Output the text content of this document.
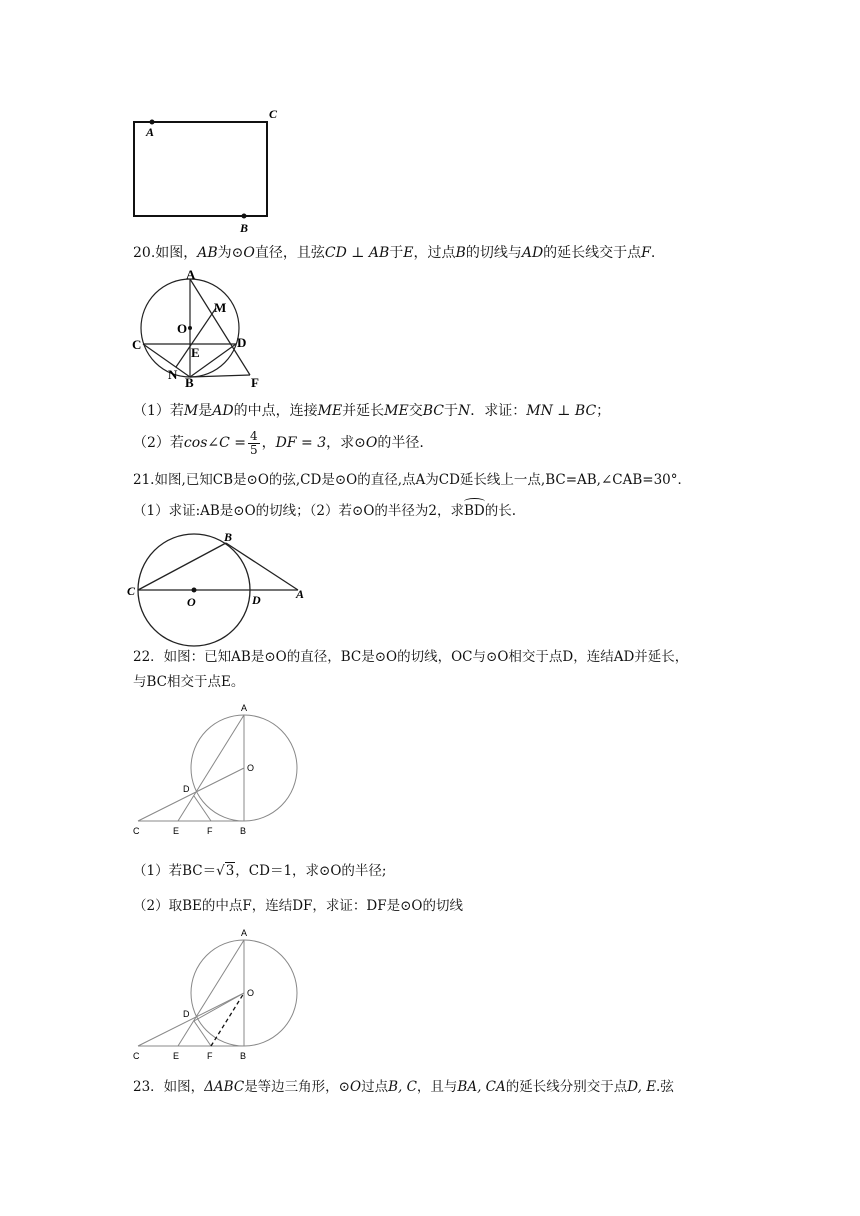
A
C
B
20.如图，AB为⊙O直径，且弦CD ⊥ AB于E，过点B的切线与AD的延长线交于点F.
A
M
O
C
E
D
N
B	F
（1）若M是AD的中点，连接ME并延长ME交BC于N．求证：MN ⊥ BC；
（2）若cos∠C = $\frac{4}{5}$ ，DF = 3，求⊙O的半径.
21.如图,已知CB是⊙O的弦,CD是⊙O的直径,点A为CD延长线上一点,BC=AB,∠CAB=30°．
（1）求证:AB是⊙O的切线；（2）若⊙O的半径为2，求BD的长.
B
C
O	D	A
22．如图：已知AB是⊙O的直径，BC是⊙O的切线，OC与⊙O相交于点D，连结AD并延长，
与BC相交于点E。
A
O
D
C	E	F	B
（1）若BC＝√3，CD＝1，求⊙O的半径;
（2）取BE的中点F，连结DF，求证：DF是⊙O的切线
A
O
D
C	E	F	B
23．如图，ΔABC是等边三角形，⊙O过点B, C，且与BA, CA的延长线分别交于点D, E.弦
